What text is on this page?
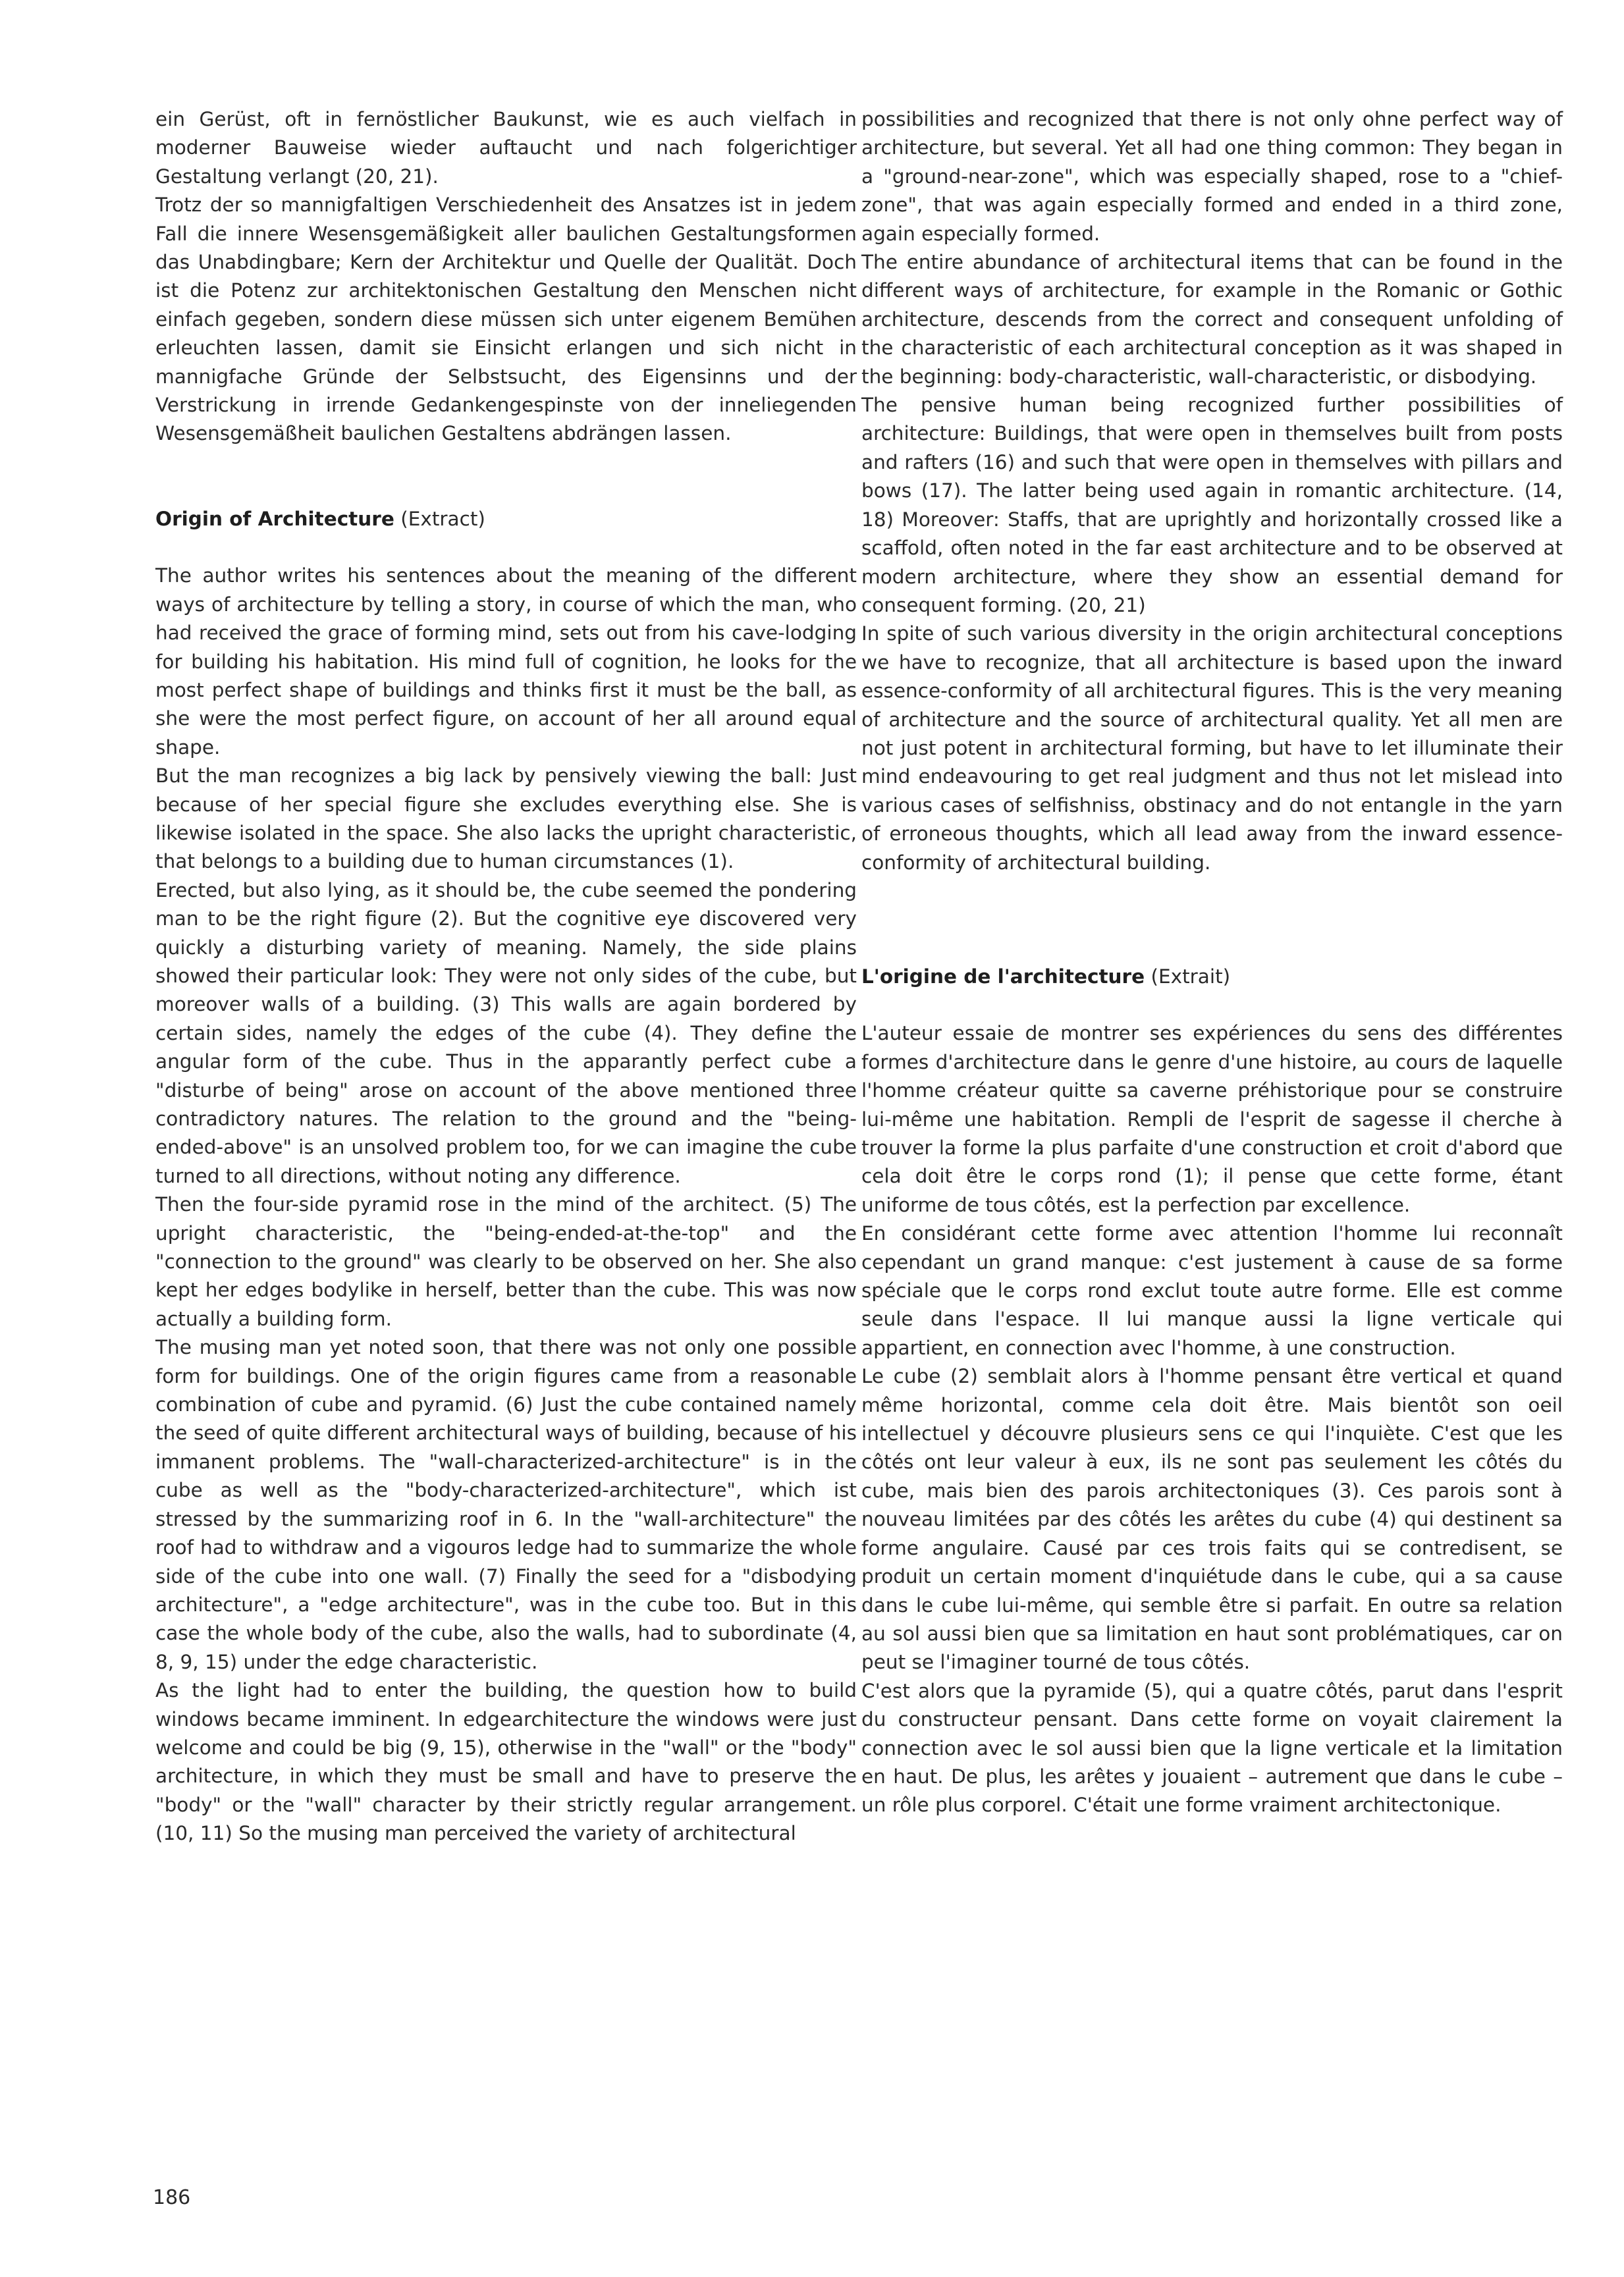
ein Gerüst, oft in fernöstlicher Baukunst, wie es auch vielfach in moderner Bauweise wieder auftaucht und nach folgerichtiger Gestaltung verlangt (20, 21).

Trotz der so mannigfaltigen Verschiedenheit des Ansatzes ist in jedem Fall die innere Wesensgemäßigkeit aller baulichen Gestaltungsformen das Unabdingbare; Kern der Architektur und Quelle der Qualität. Doch ist die Potenz zur architektonischen Gestaltung den Menschen nicht einfach gegeben, sondern diese müssen sich unter eigenem Bemühen erleuchten lassen, damit sie Einsicht erlangen und sich nicht in mannigfache Gründe der Selbstsucht, des Eigensinns und der Verstrickung in irrende Gedankengespinste von der inneliegenden Wesensgemäßheit baulichen Gestaltens abdrängen lassen.

Origin of Architecture (Extract)

The author writes his sentences about the meaning of the different ways of architecture by telling a story, in course of which the man, who had received the grace of forming mind, sets out from his cave-lodging for building his habitation. His mind full of cognition, he looks for the most perfect shape of buildings and thinks first it must be the ball, as she were the most perfect figure, on account of her all around equal shape.

But the man recognizes a big lack by pensively viewing the ball: Just because of her special figure she excludes everything else. She is likewise isolated in the space. She also lacks the upright characteristic, that belongs to a building due to human circumstances (1).

Erected, but also lying, as it should be, the cube seemed the pondering man to be the right figure (2). But the cognitive eye discovered very quickly a disturbing variety of meaning. Namely, the side plains showed their particular look: They were not only sides of the cube, but moreover walls of a building. (3) This walls are again bordered by certain sides, namely the edges of the cube (4). They define the angular form of the cube. Thus in the apparantly perfect cube a "disturbe of being" arose on account of the above mentioned three contradictory natures. The relation to the ground and the "being-ended-above" is an unsolved problem too, for we can imagine the cube turned to all directions, without noting any difference.

Then the four-side pyramid rose in the mind of the architect. (5) The upright characteristic, the "being-ended-at-the-top" and the "connection to the ground" was clearly to be observed on her. She also kept her edges bodylike in herself, better than the cube. This was now actually a building form.

The musing man yet noted soon, that there was not only one possible form for buildings. One of the origin figures came from a reasonable combination of cube and pyramid. (6) Just the cube contained namely the seed of quite different architectural ways of building, because of his immanent problems. The "wall-characterized-architecture" is in the cube as well as the "body-characterized-architecture", which ist stressed by the summarizing roof in 6. In the "wall-architecture" the roof had to withdraw and a vigouros ledge had to summarize the whole side of the cube into one wall. (7) Finally the seed for a "disbodying architecture", a "edge architecture", was in the cube too. But in this case the whole body of the cube, also the walls, had to subordinate (4, 8, 9, 15) under the edge characteristic.

As the light had to enter the building, the question how to build windows became imminent. In edgearchitecture the windows were just welcome and could be big (9, 15), otherwise in the "wall" or the "body" architecture, in which they must be small and have to preserve the "body" or the "wall" character by their strictly regular arrangement. (10, 11) So the musing man perceived the variety of architectural

possibilities and recognized that there is not only ohne perfect way of architecture, but several. Yet all had one thing common: They began in a "ground-near-zone", which was especially shaped, rose to a "chief-zone", that was again especially formed and ended in a third zone, again especially formed.

The entire abundance of architectural items that can be found in the different ways of architecture, for example in the Romanic or Gothic architecture, descends from the correct and consequent unfolding of the characteristic of each architectural conception as it was shaped in the beginning: body-characteristic, wall-characteristic, or disbodying.

The pensive human being recognized further possibilities of architecture: Buildings, that were open in themselves built from posts and rafters (16) and such that were open in themselves with pillars and bows (17). The latter being used again in romantic architecture. (14, 18) Moreover: Staffs, that are uprightly and horizontally crossed like a scaffold, often noted in the far east architecture and to be observed at modern architecture, where they show an essential demand for consequent forming. (20, 21)

In spite of such various diversity in the origin architectural conceptions we have to recognize, that all architecture is based upon the inward essence-conformity of all architectural figures. This is the very meaning of architecture and the source of architectural quality. Yet all men are not just potent in architectural forming, but have to let illuminate their mind endeavouring to get real judgment and thus not let mislead into various cases of selfishniss, obstinacy and do not entangle in the yarn of erroneous thoughts, which all lead away from the inward essence-conformity of architectural building.

L'origine de l'architecture (Extrait)

L'auteur essaie de montrer ses expériences du sens des différentes formes d'architecture dans le genre d'une histoire, au cours de laquelle l'homme créateur quitte sa caverne préhistorique pour se construire lui-même une habitation. Rempli de l'esprit de sagesse il cherche à trouver la forme la plus parfaite d'une construction et croit d'abord que cela doit être le corps rond (1); il pense que cette forme, étant uniforme de tous côtés, est la perfection par excellence.

En considérant cette forme avec attention l'homme lui reconnaît cependant un grand manque: c'est justement à cause de sa forme spéciale que le corps rond exclut toute autre forme. Elle est comme seule dans l'espace. Il lui manque aussi la ligne verticale qui appartient, en connection avec l'homme, à une construction.

Le cube (2) semblait alors à l'homme pensant être vertical et quand même horizontal, comme cela doit être. Mais bientôt son oeil intellectuel y découvre plusieurs sens ce qui l'inquiète. C'est que les côtés ont leur valeur à eux, ils ne sont pas seulement les côtés du cube, mais bien des parois architectoniques (3). Ces parois sont à nouveau limitées par des côtés les arêtes du cube (4) qui destinent sa forme angulaire. Causé par ces trois faits qui se contredisent, se produit un certain moment d'inquiétude dans le cube, qui a sa cause dans le cube lui-même, qui semble être si parfait. En outre sa relation au sol aussi bien que sa limitation en haut sont problématiques, car on peut se l'imaginer tourné de tous côtés.

C'est alors que la pyramide (5), qui a quatre côtés, parut dans l'esprit du constructeur pensant. Dans cette forme on voyait clairement la connection avec le sol aussi bien que la ligne verticale et la limitation en haut. De plus, les arêtes y jouaient – autrement que dans le cube – un rôle plus corporel. C'était une forme vraiment architectonique.

186
